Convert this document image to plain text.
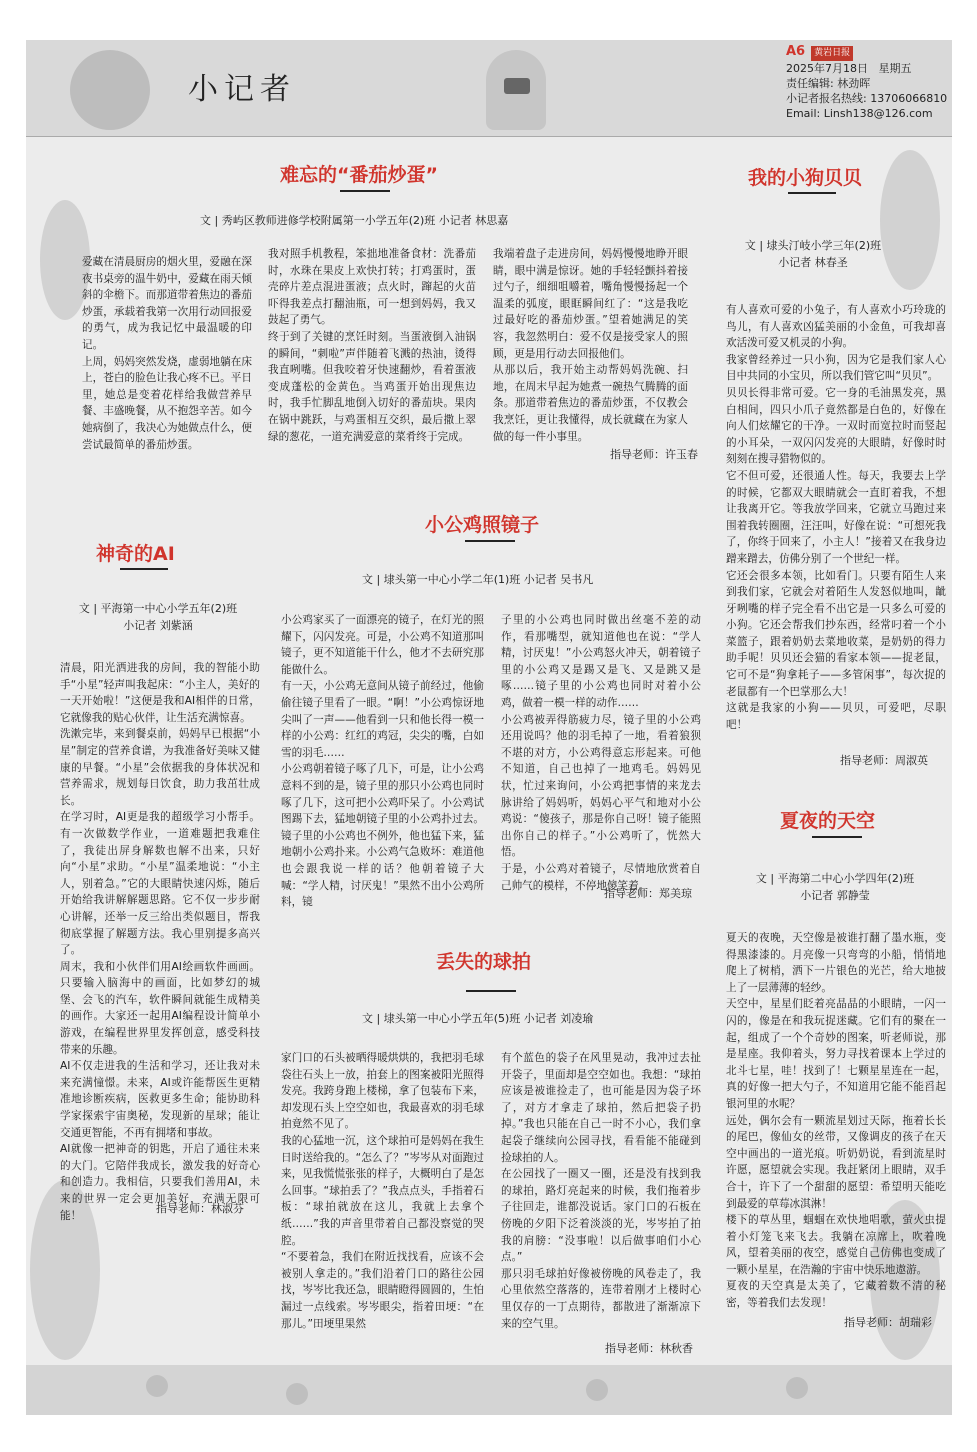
小记者
A6 黄岩日报
2025年7月18日 星期五
责任编辑: 林劲晖
小记者报名热线: 13706066810
Email: Linsh138@126.com
难忘的“番茄炒蛋”
文 | 秀屿区教师进修学校附属第一小学五年(2)班 小记者 林思嘉
爱藏在清晨厨房的烟火里，爱融在深夜书桌旁的温牛奶中，爱藏在雨天倾斜的伞檐下。而那道带着焦边的番茄炒蛋，承载着我第一次用行动回报爱的勇气，成为我记忆中最温暖的印记。
上周，妈妈突然发烧，虚弱地躺在床上，苍白的脸色让我心疼不已。平日里，她总是变着花样给我做营养早餐、丰盛晚餐，从不抱怨辛苦。如今她病倒了，我决心为她做点什么，便尝试最简单的番茄炒蛋。
我对照手机教程，笨拙地准备食材：洗番茄时，水珠在果皮上欢快打转；打鸡蛋时，蛋壳碎片差点混进蛋液；点火时，蹿起的火苗吓得我差点打翻油瓶，可一想到妈妈，我又鼓起了勇气。
终于到了关键的烹饪时刻。当蛋液倒入油锅的瞬间，“刺啦”声伴随着飞溅的热油，烫得我直咧嘴。但我咬着牙快速翻炒，看着蛋液变成蓬松的金黄色。当鸡蛋开始出现焦边时，我手忙脚乱地倒入切好的番茄块。果肉在锅中跳跃，与鸡蛋相互交织，最后撒上翠绿的葱花，一道充满爱意的菜肴终于完成。
我端着盘子走进房间，妈妈慢慢地睁开眼睛，眼中满是惊讶。她的手轻轻颤抖着接过勺子，细细咀嚼着，嘴角慢慢扬起一个温柔的弧度，眼眶瞬间红了：“这是我吃过最好吃的番茄炒蛋。”望着她满足的笑容，我忽然明白：爱不仅是接受家人的照顾，更是用行动去回报他们。
从那以后，我开始主动帮妈妈洗碗、扫地，在周末早起为她煮一碗热气腾腾的面条。那道带着焦边的番茄炒蛋，不仅教会我烹饪，更让我懂得，成长就藏在为家人做的每一件小事里。
指导老师：许玉春
我的小狗贝贝
文 | 埭头汀岐小学三年(2)班
小记者 林春圣
有人喜欢可爱的小兔子，有人喜欢小巧玲珑的鸟儿，有人喜欢凶猛美丽的小金鱼，可我却喜欢活泼可爱又机灵的小狗。
我家曾经养过一只小狗，因为它是我们家人心目中共同的小宝贝，所以我们管它叫“贝贝”。
贝贝长得非常可爱。它一身的毛油黑发亮，黑白相间，四只小爪子竟然都是白色的，好像在向人们炫耀它的干净。一双时而宽拉时而竖起的小耳朵，一双闪闪发亮的大眼睛，好像时时刻刻在搜寻猎物似的。
它不但可爱，还很通人性。每天，我要去上学的时候，它都双大眼睛就会一直盯着我，不想让我离开它。等我放学回来，它就立马跑过来围着我转圈圈，汪汪叫，好像在说：“可想死我了，你终于回来了，小主人！”接着又在我身边蹭来蹭去，仿佛分别了一个世纪一样。
它还会很多本领，比如看门。只要有陌生人来到我们家，它就会对着陌生人发怒似地叫，龇牙咧嘴的样子完全看不出它是一只多么可爱的小狗。它还会帮我们抄东西，经常叼着一个小菜篮子，跟着奶奶去菜地收菜，是奶奶的得力助手呢！贝贝还会猫的看家本领——捉老鼠，它可不是“狗拿耗子——多管闲事”，每次捉的老鼠都有一个巴掌那么大！
这就是我家的小狗——贝贝，可爱吧，尽职吧！
指导老师：周淑英
神奇的AI
文 | 平海第一中心小学五年(2)班
小记者 刘紫涵
清晨，阳光洒进我的房间，我的智能小助手“小星”轻声叫我起床：“小主人，美好的一天开始啦！”这便是我和AI相伴的日常，它就像我的贴心伙伴，让生活充满惊喜。
洗漱完毕，来到餐桌前，妈妈早已根据“小星”制定的营养食谱，为我准备好美味又健康的早餐。“小星”会依据我的身体状况和营养需求，规划每日饮食，助力我茁壮成长。
在学习时，AI更是我的超级学习小帮手。有一次做数学作业，一道难题把我难住了，我徒出屏身解数也解不出来，只好向“小星”求助。“小星”温柔地说：“小主人，别着急。”它的大眼睛快速闪烁，随后开始给我讲解解题思路。它不仅一步步耐心讲解，还举一反三给出类似题目，帮我彻底掌握了解题方法。我心里别提多高兴了。
周末，我和小伙伴们用AI绘画软件画画。只要输入脑海中的画面，比如梦幻的城堡、会飞的汽车，软件瞬间就能生成精美的画作。大家还一起用AI编程设计简单小游戏，在编程世界里发挥创意，感受科技带来的乐趣。
AI不仅走进我的生活和学习，还让我对未来充满憧憬。未来，AI或许能帮医生更精准地诊断疾病，医救更多生命；能协助科学家探索宇宙奥秘，发现新的星球；能让交通更智能，不再有拥堵和事故。
AI就像一把神奇的钥匙，开启了通往未来的大门。它陪伴我成长，激发我的好奇心和创造力。我相信，只要我们善用AI，未来的世界一定会更加美好，充满无限可能！
指导老师：林淑芬
小公鸡照镜子
文 | 埭头第一中心小学二年(1)班 小记者 吴书凡
小公鸡家买了一面漂亮的镜子，在灯光的照耀下，闪闪发亮。可是，小公鸡不知道那叫镜子，更不知道能干什么，他才不去研究那能做什么。
有一天，小公鸡无意间从镜子前经过，他偷偷往镜子里看了一眼。“啊！”小公鸡惊讶地尖叫了一声——他看到一只和他长得一模一样的小公鸡：红红的鸡冠，尖尖的嘴，白如雪的羽毛……
小公鸡朝着镜子啄了几下，可是，让小公鸡意料不到的是，镜子里的那只小公鸡也同时啄了几下，这可把小公鸡吓呆了。小公鸡试图踢下去，猛地朝镜子里的小公鸡扑过去。镜子里的小公鸡也不例外，他也猛下来，猛地朝小公鸡扑来。小公鸡气急败坏：难道他也会跟我说一样的话？他朝着镜子大喊：“学人精，讨厌鬼！”果然不出小公鸡所料，镜
子里的小公鸡也同时做出丝毫不差的动作，看那嘴型，就知道他也在说：“学人精，讨厌鬼！”小公鸡怒火冲天，朝着镜子里的小公鸡又是踢又是飞、又是跳又是啄……镜子里的小公鸡也同时对着小公鸡，做着一模一样的动作……
小公鸡被弄得筋疲力尽，镜子里的小公鸡还用说吗？他的羽毛掉了一地，看着狼狈不堪的对方，小公鸡得意忘形起来。可他不知道，自己也掉了一地鸡毛。妈妈见状，忙过来询问，小公鸡把事情的来龙去脉讲给了妈妈听，妈妈心平气和地对小公鸡说：“傻孩子，那是你自己呀！镜子能照出你自己的样子。”小公鸡听了，恍然大悟。
于是，小公鸡对着镜子，尽情地欣赏着自己帅气的模样，不停地傻笑着。
指导老师：郑美琼
丢失的球拍
文 | 埭头第一中心小学五年(5)班 小记者 刘凌瑜
家门口的石头被晒得暖烘烘的，我把羽毛球袋往石头上一放，拍套上的图案被阳光照得发亮。我跨身跑上楼梯，拿了包装布下来，却发现石头上空空如也，我最喜欢的羽毛球拍竟然不见了。
我的心猛地一沉，这个球拍可是妈妈在我生日时送给我的。“怎么了？”岑岑从对面跑过来，见我慌慌张张的样子，大概明白了是怎么回事。“球拍丢了？”我点点头，手指着石板：“球拍就放在这儿，我就上去拿个纸……”我的声音里带着自己都没察觉的哭腔。
“不要着急，我们在附近找找看，应该不会被别人拿走的。”我们沿着门口的路往公园找，岑岑比我还急，眼睛瞪得圆圆的，生怕漏过一点线索。岑岑眼尖，指着田埂：“在那儿。”田埂里果然
有个蓝色的袋子在风里晃动，我冲过去扯开袋子，里面却是空空如也。我想：“球拍应该是被谁捡走了，也可能是因为袋子坏了，对方才拿走了球拍，然后把袋子扔掉。”我也只能在自己一时不小心，我们拿起袋子继续向公园寻找，看看能不能碰到捡球拍的人。
在公园找了一圈又一圈，还是没有找到我的球拍，路灯亮起来的时候，我们拖着步子往回走，谁都没说话。家门口的石板在傍晚的夕阳下泛着淡淡的光，岑岑拍了拍我的肩膀：“没事啦！以后做事咱们小心点。”
那只羽毛球拍好像被傍晚的风卷走了，我心里依然空落落的，连带着刚才上楼时心里仅存的一丁点期待，都散进了渐渐凉下来的空气里。
指导老师：林秋香
夏夜的天空
文 | 平海第二中心小学四年(2)班
小记者 郭静莹
夏天的夜晚，天空像是被谁打翻了墨水瓶，变得黑漆漆的。月亮像一只弯弯的小船，悄悄地爬上了树梢，洒下一片银色的光芒，给大地披上了一层薄薄的轻纱。
天空中，星星们眨着亮晶晶的小眼睛，一闪一闪的，像是在和我玩捉迷藏。它们有的聚在一起，组成了一个个奇妙的图案，听老师说，那是星座。我仰着头，努力寻找着课本上学过的北斗七星，哇！找到了！七颗星星连在一起，真的好像一把大勺子，不知道用它能不能舀起银河里的水呢？
远处，偶尔会有一颗流星划过天际，拖着长长的尾巴，像仙女的丝带，又像调皮的孩子在天空中画出的一道光痕。听奶奶说，看到流星时许愿，愿望就会实现。我赶紧闭上眼睛，双手合十，许下了一个甜甜的愿望：希望明天能吃到最爱的草莓冰淇淋！
楼下的草丛里，蝈蝈在欢快地唱歌，萤火虫提着小灯笼飞来飞去。我躺在凉席上，吹着晚风，望着美丽的夜空，感觉自己仿佛也变成了一颗小星星，在浩瀚的宇宙中快乐地遨游。
夏夜的天空真是太美了，它藏着数不清的秘密，等着我们去发现！
指导老师：胡瑞彩
